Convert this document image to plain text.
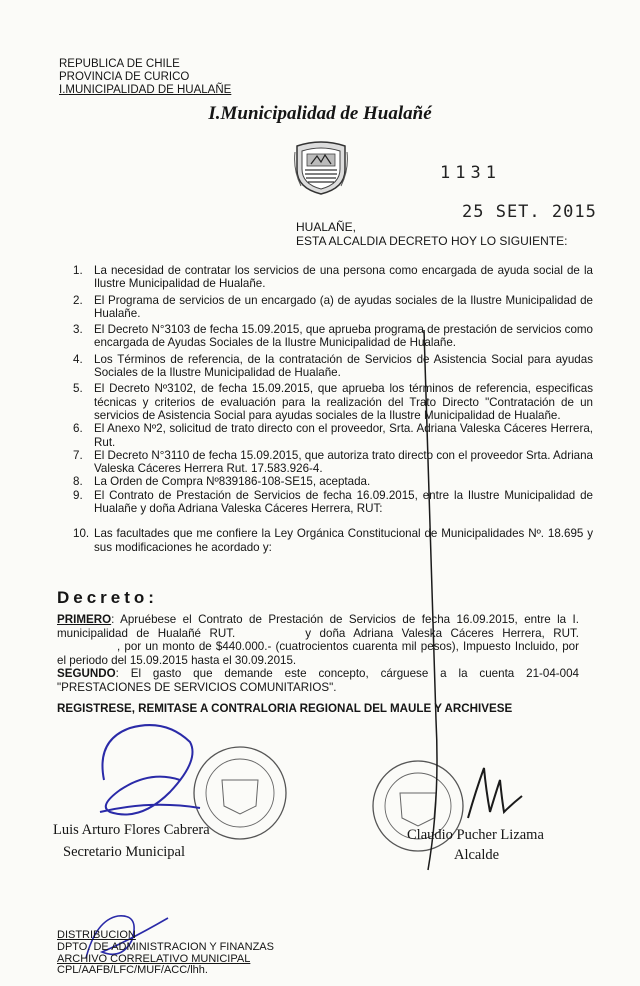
REPUBLICA DE CHILE
PROVINCIA DE CURICO
I.MUNICIPALIDAD DE HUALAÑE
I.Municipalidad de Hualañé
1131
25 SET. 2015
HUALAÑE,
ESTA ALCALDIA DECRETO HOY LO SIGUIENTE:
1. La necesidad de contratar los servicios de una persona como encargada de ayuda social de la Ilustre Municipalidad de Hualañe.
2. El Programa de servicios de un encargado (a) de ayudas sociales de la Ilustre Municipalidad de Hualañe.
3. El Decreto N°3103 de fecha 15.09.2015, que aprueba programa de prestación de servicios como encargada de Ayudas Sociales de la Ilustre Municipalidad de Hualañe.
4. Los Términos de referencia, de la contratación de Servicios de Asistencia Social para ayudas Sociales de la Ilustre Municipalidad de Hualañe.
5. El Decreto Nº3102, de fecha 15.09.2015, que aprueba los términos de referencia, especificas técnicas y criterios de evaluación para la realización del Trato Directo "Contratación de un servicios de Asistencia Social para ayudas sociales de la Ilustre Municipalidad de Hualañe.
6. El Anexo Nº2, solicitud de trato directo con el proveedor, Srta. Adriana Valeska Cáceres Herrera, Rut.
7. El Decreto N°3110 de fecha 15.09.2015, que autoriza trato directo con el proveedor Srta. Adriana Valeska Cáceres Herrera Rut. 17.583.926-4.
8. La Orden de Compra Nº839186-108-SE15, aceptada.
9. El Contrato de Prestación de Servicios de fecha 16.09.2015, entre la Ilustre Municipalidad de Hualañe y doña Adriana Valeska Cáceres Herrera, RUT:
10. Las facultades que me confiere la Ley Orgánica Constitucional de Municipalidades Nº. 18.695 y sus modificaciones he acordado y:
Decreto:

PRIMERO: Apruébese el Contrato de Prestación de Servicios de fecha 16.09.2015, entre la I. municipalidad de Hualañé RUT.	y doña Adriana Valeska Cáceres Herrera, RUT., por un monto de $440.000.- (cuatrocientos cuarenta mil pesos), Impuesto Incluido, por el periodo del 15.09.2015 hasta el 30.09.2015.

SEGUNDO: El gasto que demande este concepto, cárguese a la cuenta 21-04-004 "PRESTACIONES DE SERVICIOS COMUNITARIOS".

REGISTRESE, REMITASE A CONTRALORIA REGIONAL DEL MAULE Y ARCHIVESE
Luis Arturo Flores Cabrera
Secretario Municipal
Claudio Pucher Lizama
Alcalde
DISTRIBUCION
DPTO. DE ADMINISTRACION Y FINANZAS
ARCHIVO CORRELATIVO MUNICIPAL
CPL/AAFB/LFC/MUF/ACC/lhh.
